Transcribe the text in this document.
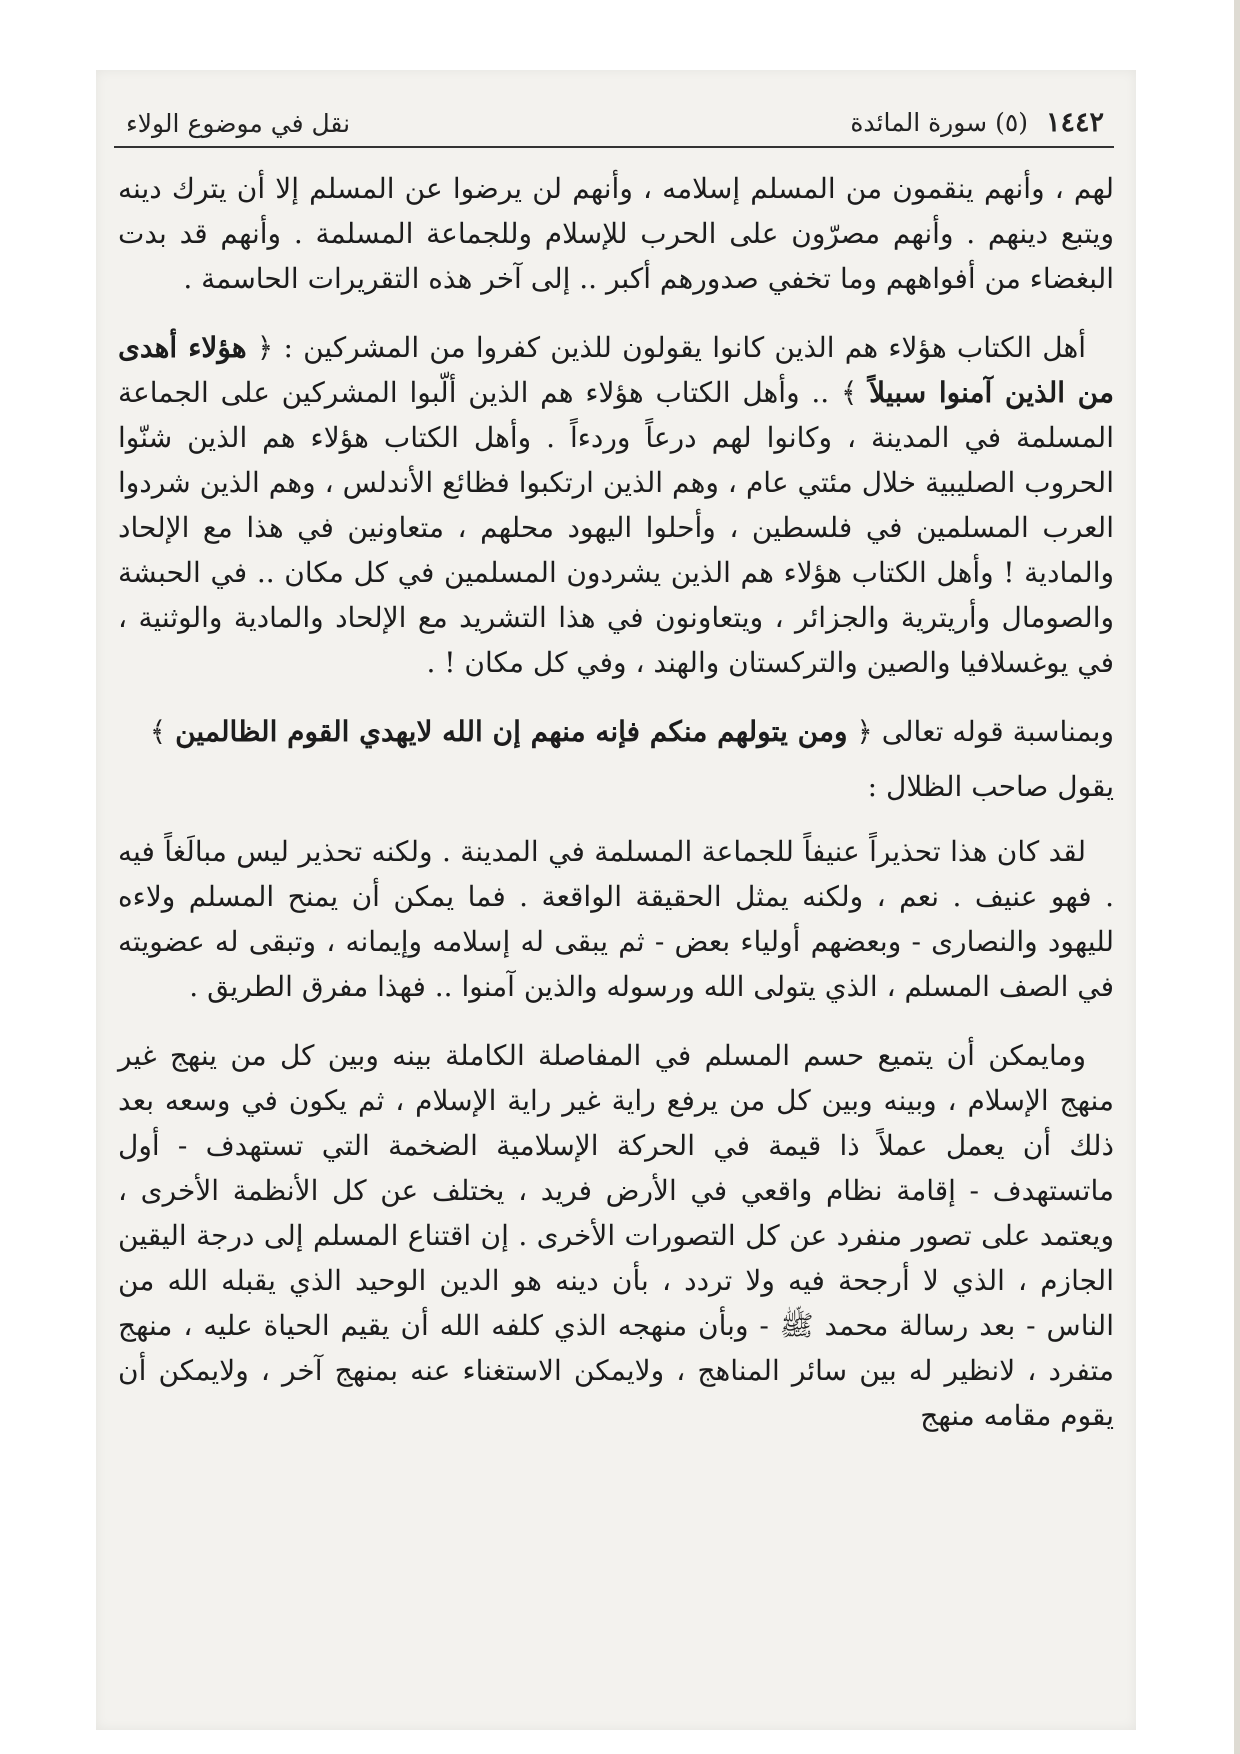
١٤٤٢ (٥) سورة المائدة
نقل في موضوع الولاء

لهم ، وأنهم ينقمون من المسلم إسلامه ، وأنهم لن يرضوا عن المسلم إلا أن يترك دينه ويتبع دينهم . وأنهم مصرّون على الحرب للإسلام وللجماعة المسلمة . وأنهم قد بدت البغضاء من أفواههم وما تخفي صدورهم أكبر .. إلى آخر هذه التقريرات الحاسمة .

أهل الكتاب هؤلاء هم الذين كانوا يقولون للذين كفروا من المشركين : ﴿ هؤلاء أهدى من الذين آمنوا سبيلاً ﴾ .. وأهل الكتاب هؤلاء هم الذين ألّبوا المشركين على الجماعة المسلمة في المدينة ، وكانوا لهم درعاً وردءاً . وأهل الكتاب هؤلاء هم الذين شنّوا الحروب الصليبية خلال مئتي عام ، وهم الذين ارتكبوا فظائع الأندلس ، وهم الذين شردوا العرب المسلمين في فلسطين ، وأحلوا اليهود محلهم ، متعاونين في هذا مع الإلحاد والمادية ! وأهل الكتاب هؤلاء هم الذين يشردون المسلمين في كل مكان .. في الحبشة والصومال وأريترية والجزائر ، ويتعاونون في هذا التشريد مع الإلحاد والمادية والوثنية ، في يوغسلافيا والصين والتركستان والهند ، وفي كل مكان ! .

وبمناسبة قوله تعالى ﴿ ومن يتولهم منكم فإنه منهم إن الله لايهدي القوم الظالمين ﴾

يقول صاحب الظلال :

لقد كان هذا تحذيراً عنيفاً للجماعة المسلمة في المدينة . ولكنه تحذير ليس مبالَغاً فيه . فهو عنيف . نعم ، ولكنه يمثل الحقيقة الواقعة . فما يمكن أن يمنح المسلم ولاءه لليهود والنصارى - وبعضهم أولياء بعض - ثم يبقى له إسلامه وإيمانه ، وتبقى له عضويته في الصف المسلم ، الذي يتولى الله ورسوله والذين آمنوا .. فهذا مفرق الطريق .

ومايمكن أن يتميع حسم المسلم في المفاصلة الكاملة بينه وبين كل من ينهج غير منهج الإسلام ، وبينه وبين كل من يرفع راية غير راية الإسلام ، ثم يكون في وسعه بعد ذلك أن يعمل عملاً ذا قيمة في الحركة الإسلامية الضخمة التي تستهدف - أول ماتستهدف - إقامة نظام واقعي في الأرض فريد ، يختلف عن كل الأنظمة الأخرى ، ويعتمد على تصور منفرد عن كل التصورات الأخرى . إن اقتناع المسلم إلى درجة اليقين الجازم ، الذي لا أرجحة فيه ولا تردد ، بأن دينه هو الدين الوحيد الذي يقبله الله من الناس - بعد رسالة محمد ﷺ - وبأن منهجه الذي كلفه الله أن يقيم الحياة عليه ، منهج متفرد ، لانظير له بين سائر المناهج ، ولايمكن الاستغناء عنه بمنهج آخر ، ولايمكن أن يقوم مقامه منهج
